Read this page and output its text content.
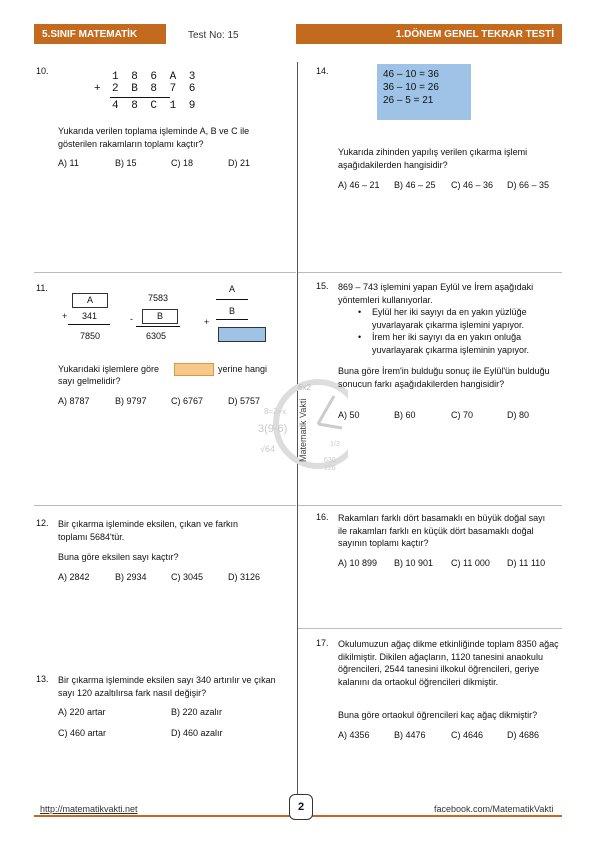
5.SINIF MATEMATİK	Test No: 15	1.DÖNEM GENEL TEKRAR TESTİ
10.	1 8 6 A 3
+ 2 B 8 7 6
4 8 C 1 9
Yukarıda verilen toplama işleminde A, B ve C ile gösterilen rakamların toplamı kaçtır?
A) 11	B) 15	C) 18	D) 21
11.
A
+ 341
7850
7583
-	B
6305
A
B
+
Yukarıdaki işlemlere göre	yerine hangi
sayı gelmelidir?
A) 8787	B) 9797	C) 6767	D) 5757
6x2
3(9-6)
√64
8=2+x
630
126
1/3
Matematik Vakti
12. Bir çıkarma işleminde eksilen, çıkan ve farkın toplamı 5684'tür.
Buna göre eksilen sayı kaçtır?
A) 2842	B) 2934	C) 3045	D) 3126
13. Bir çıkarma işleminde eksilen sayı 340 artırılır ve çıkan sayı 120 azaltılırsa fark nasıl değişir?
A) 220 artar	B) 220 azalır
C) 460 artar	D) 460 azalır
14.	46 – 10 = 36
36 – 10 = 26
26 – 5 = 21
Yukarıda zihinden yapılış verilen çıkarma işlemi aşağıdakilerden hangisidir?
A) 46 – 21 B) 46 – 25 C) 46 – 36 D) 66 – 35
15. 869 – 743 işlemini yapan Eylül ve İrem aşağıdaki yöntemleri kullanıyorlar.
• Eylül her iki sayıyı da en yakın yüzlüğe yuvarlayarak çıkarma işlemini yapıyor.
• İrem her iki sayıyı da en yakın onluğa yuvarlayarak çıkarma işleminin yapıyor.
Buna göre İrem'in bulduğu sonuç ile Eylül'ün bulduğu sonucun farkı aşağıdakilerden hangisidir?
A) 50	B) 60	C) 70	D) 80
16. Rakamları farklı dört basamaklı en büyük doğal sayı ile rakamları farklı en küçük dört basamaklı doğal sayının toplamı kaçtır?
A) 10 899 B) 10 901 C) 11 000 D) 11 110
17. Okulumuzun ağaç dikme etkinliğinde toplam 8350 ağaç dikilmiştir. Dikilen ağaçların, 1120 tanesini anaokulu öğrencileri, 2544 tanesini ilkokul öğrencileri, geriye kalanını da ortaokul öğrencileri dikmiştir.
Buna göre ortaokul öğrencileri kaç ağaç dikmiştir?
A) 4356	B) 4476	C) 4646	D) 4686
http://matematikvakti.net	2	facebook.com/MatematikVakti
